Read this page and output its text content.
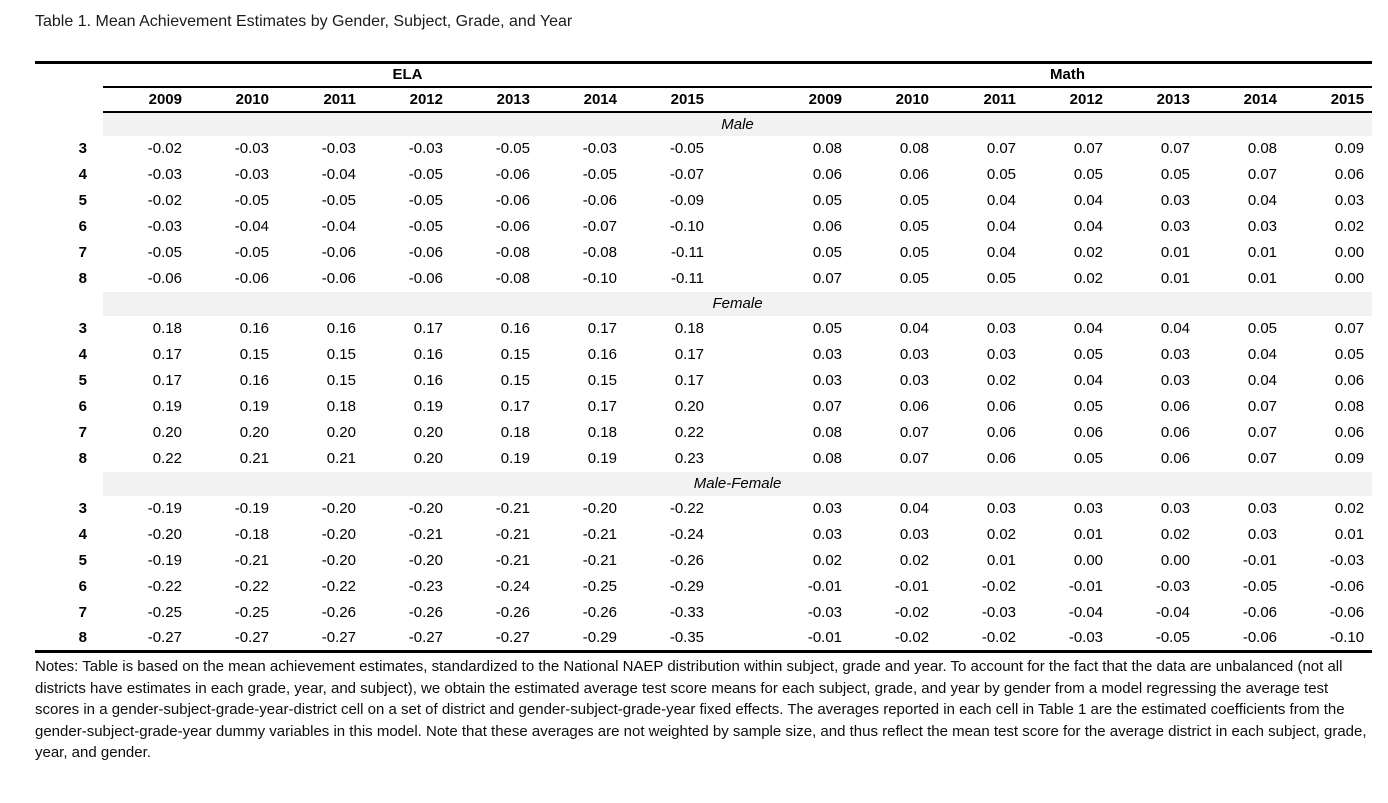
Table 1. Mean Achievement Estimates by Gender, Subject, Grade, and Year
	ELA							Math						
	2009	2010	2011	2012	2013	2014	2015	2009	2010	2011	2012	2013	2014	2015
	Male													
3	-0.02	-0.03	-0.03	-0.03	-0.05	-0.03	-0.05	0.08	0.08	0.07	0.07	0.07	0.08	0.09
4	-0.03	-0.03	-0.04	-0.05	-0.06	-0.05	-0.07	0.06	0.06	0.05	0.05	0.05	0.07	0.06
5	-0.02	-0.05	-0.05	-0.05	-0.06	-0.06	-0.09	0.05	0.05	0.04	0.04	0.03	0.04	0.03
6	-0.03	-0.04	-0.04	-0.05	-0.06	-0.07	-0.10	0.06	0.05	0.04	0.04	0.03	0.03	0.02
7	-0.05	-0.05	-0.06	-0.06	-0.08	-0.08	-0.11	0.05	0.05	0.04	0.02	0.01	0.01	0.00
8	-0.06	-0.06	-0.06	-0.06	-0.08	-0.10	-0.11	0.07	0.05	0.05	0.02	0.01	0.01	0.00
	Female													
3	0.18	0.16	0.16	0.17	0.16	0.17	0.18	0.05	0.04	0.03	0.04	0.04	0.05	0.07
4	0.17	0.15	0.15	0.16	0.15	0.16	0.17	0.03	0.03	0.03	0.05	0.03	0.04	0.05
5	0.17	0.16	0.15	0.16	0.15	0.15	0.17	0.03	0.03	0.02	0.04	0.03	0.04	0.06
6	0.19	0.19	0.18	0.19	0.17	0.17	0.20	0.07	0.06	0.06	0.05	0.06	0.07	0.08
7	0.20	0.20	0.20	0.20	0.18	0.18	0.22	0.08	0.07	0.06	0.06	0.06	0.07	0.06
8	0.22	0.21	0.21	0.20	0.19	0.19	0.23	0.08	0.07	0.06	0.05	0.06	0.07	0.09
	Male-Female													
3	-0.19	-0.19	-0.20	-0.20	-0.21	-0.20	-0.22	0.03	0.04	0.03	0.03	0.03	0.03	0.02
4	-0.20	-0.18	-0.20	-0.21	-0.21	-0.21	-0.24	0.03	0.03	0.02	0.01	0.02	0.03	0.01
5	-0.19	-0.21	-0.20	-0.20	-0.21	-0.21	-0.26	0.02	0.02	0.01	0.00	0.00	-0.01	-0.03
6	-0.22	-0.22	-0.22	-0.23	-0.24	-0.25	-0.29	-0.01	-0.01	-0.02	-0.01	-0.03	-0.05	-0.06
7	-0.25	-0.25	-0.26	-0.26	-0.26	-0.26	-0.33	-0.03	-0.02	-0.03	-0.04	-0.04	-0.06	-0.06
8	-0.27	-0.27	-0.27	-0.27	-0.27	-0.29	-0.35	-0.01	-0.02	-0.02	-0.03	-0.05	-0.06	-0.10

Notes: Table is based on the mean achievement estimates, standardized to the National NAEP distribution within subject, grade and year. To account for the fact that the data are unbalanced (not all districts have estimates in each grade, year, and subject), we obtain the estimated average test score means for each subject, grade, and year by gender from a model regressing the average test scores in a gender-subject-grade-year-district cell on a set of district and gender-subject-grade-year fixed effects. The averages reported in each cell in Table 1 are the estimated coefficients from the gender-subject-grade-year dummy variables in this model. Note that these averages are not weighted by sample size, and thus reflect the mean test score for the average district in each subject, grade, year, and gender.
